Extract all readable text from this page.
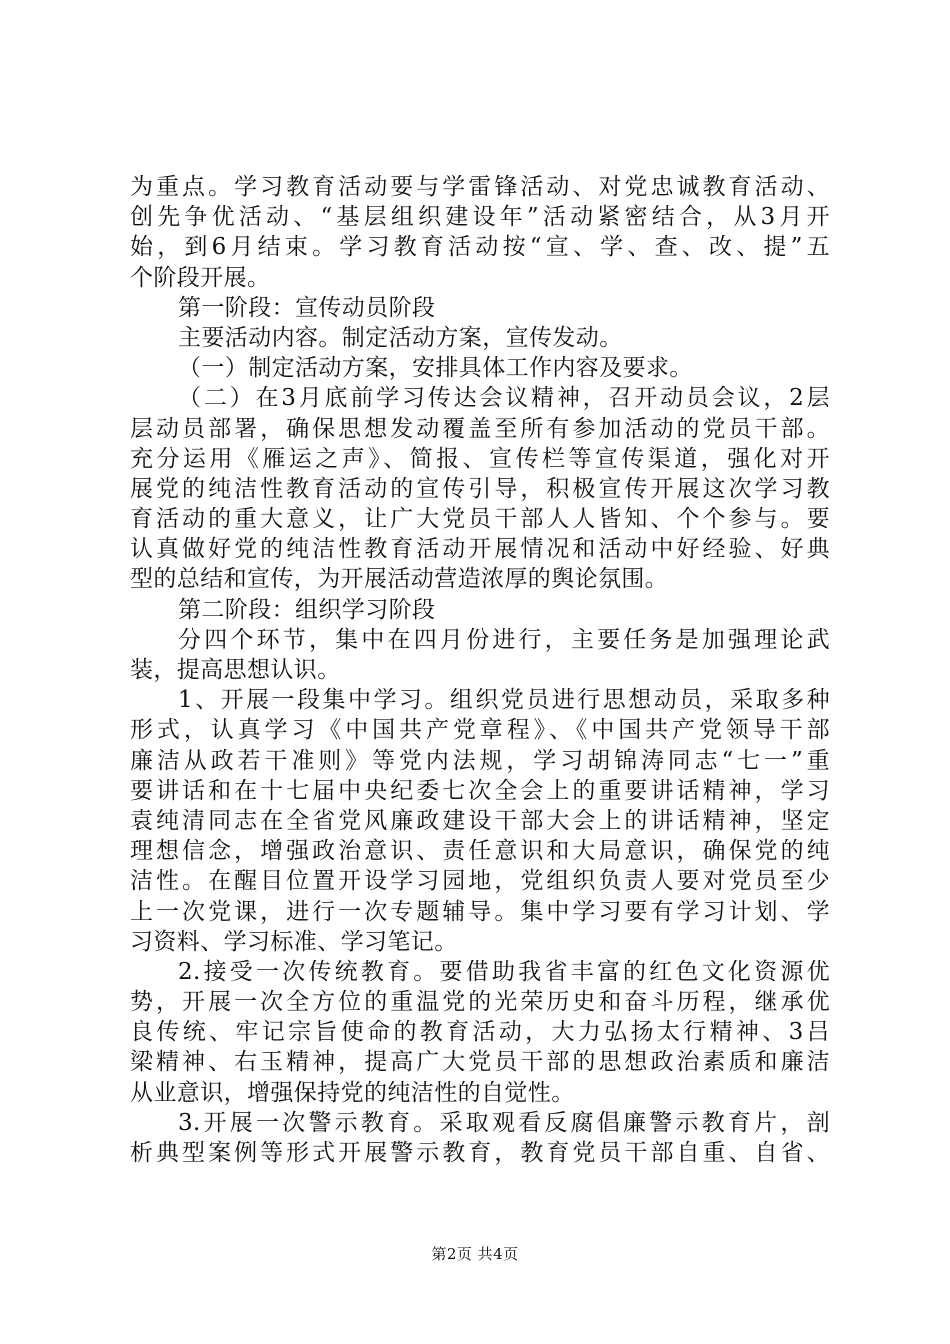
为重点。学习教育活动要与学雷锋活动、对党忠诚教育活动、
创先争优活动、“基层组织建设年”活动紧密结合，从3月开
始，到6月结束。学习教育活动按“宣、学、查、改、提”五
个阶段开展。
第一阶段：宣传动员阶段
主要活动内容。制定活动方案，宣传发动。
（一）制定活动方案，安排具体工作内容及要求。
（二）在3月底前学习传达会议精神，召开动员会议，2层
层动员部署，确保思想发动覆盖至所有参加活动的党员干部。
充分运用《雁运之声》、简报、宣传栏等宣传渠道，强化对开
展党的纯洁性教育活动的宣传引导，积极宣传开展这次学习教
育活动的重大意义，让广大党员干部人人皆知、个个参与。要
认真做好党的纯洁性教育活动开展情况和活动中好经验、好典
型的总结和宣传，为开展活动营造浓厚的舆论氛围。
第二阶段：组织学习阶段
分四个环节，集中在四月份进行，主要任务是加强理论武
装，提高思想认识。
1、开展一段集中学习。组织党员进行思想动员，采取多种
形式，认真学习《中国共产党章程》、《中国共产党领导干部
廉洁从政若干准则》等党内法规，学习胡锦涛同志“七一”重
要讲话和在十七届中央纪委七次全会上的重要讲话精神，学习
袁纯清同志在全省党风廉政建设干部大会上的讲话精神，坚定
理想信念，增强政治意识、责任意识和大局意识，确保党的纯
洁性。在醒目位置开设学习园地，党组织负责人要对党员至少
上一次党课，进行一次专题辅导。集中学习要有学习计划、学
习资料、学习标准、学习笔记。
2.接受一次传统教育。要借助我省丰富的红色文化资源优
势，开展一次全方位的重温党的光荣历史和奋斗历程，继承优
良传统、牢记宗旨使命的教育活动，大力弘扬太行精神、3吕
梁精神、右玉精神，提高广大党员干部的思想政治素质和廉洁
从业意识，增强保持党的纯洁性的自觉性。
3.开展一次警示教育。采取观看反腐倡廉警示教育片，剖
析典型案例等形式开展警示教育，教育党员干部自重、自省、
第2页 共4页
